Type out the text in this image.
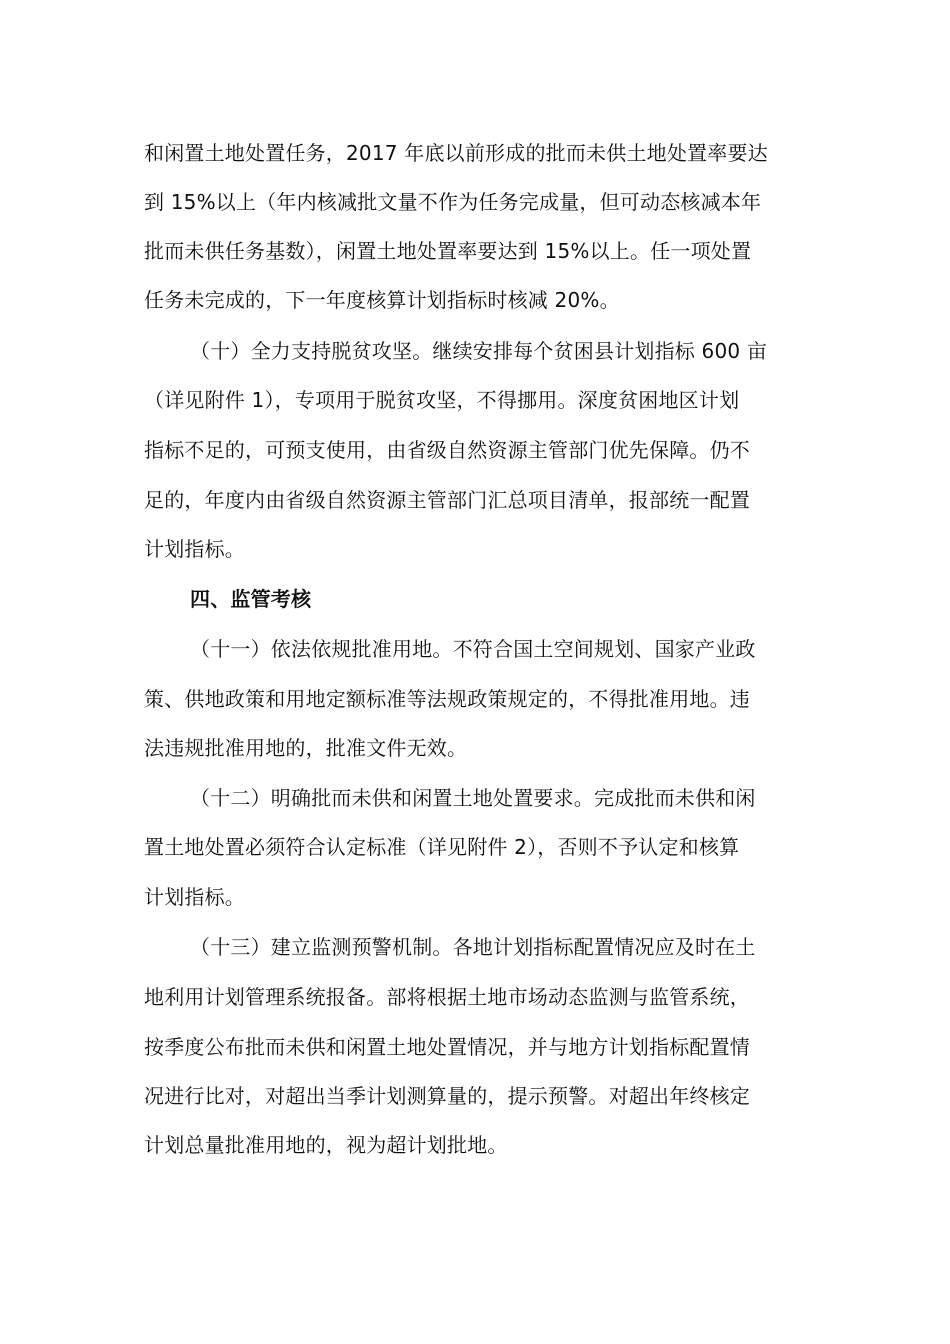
和闲置土地处置任务，2017 年底以前形成的批而未供土地处置率要达
到 15%以上（年内核减批文量不作为任务完成量，但可动态核减本年
批而未供任务基数），闲置土地处置率要达到 15%以上。任一项处置
任务未完成的，下一年度核算计划指标时核减 20%。
（十）全力支持脱贫攻坚。继续安排每个贫困县计划指标 600 亩
（详见附件 1），专项用于脱贫攻坚，不得挪用。深度贫困地区计划
指标不足的，可预支使用，由省级自然资源主管部门优先保障。仍不
足的，年度内由省级自然资源主管部门汇总项目清单，报部统一配置
计划指标。
四、监管考核
（十一）依法依规批准用地。不符合国土空间规划、国家产业政
策、供地政策和用地定额标准等法规政策规定的，不得批准用地。违
法违规批准用地的，批准文件无效。
（十二）明确批而未供和闲置土地处置要求。完成批而未供和闲
置土地处置必须符合认定标准（详见附件 2），否则不予认定和核算
计划指标。
（十三）建立监测预警机制。各地计划指标配置情况应及时在土
地利用计划管理系统报备。部将根据土地市场动态监测与监管系统，
按季度公布批而未供和闲置土地处置情况，并与地方计划指标配置情
况进行比对，对超出当季计划测算量的，提示预警。对超出年终核定
计划总量批准用地的，视为超计划批地。
